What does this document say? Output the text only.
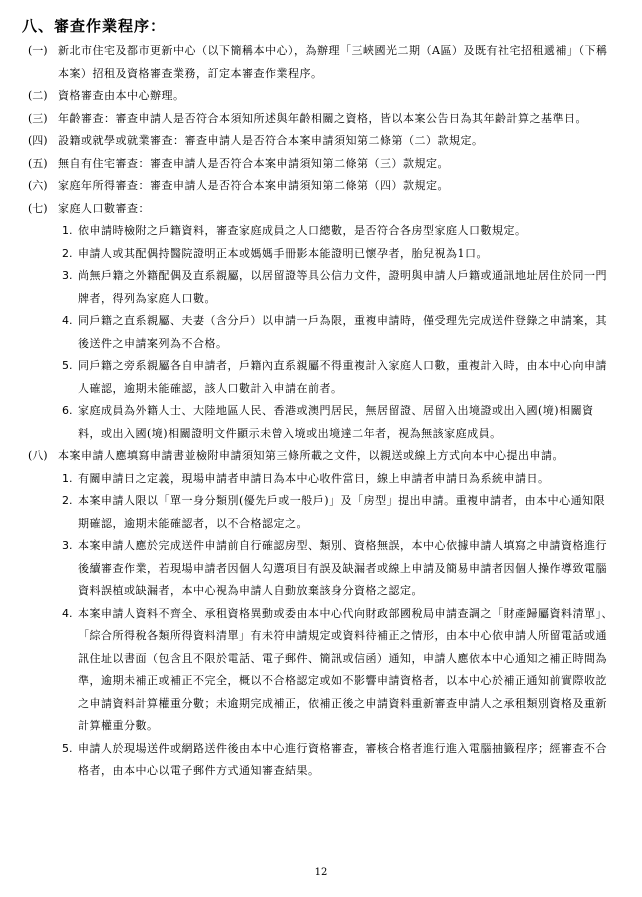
八、審查作業程序：
(一) 新北市住宅及都市更新中心（以下簡稱本中心），為辦理「三峽國光二期（A區）及既有社宅招租遞補」（下稱本案）招租及資格審查業務，訂定本審查作業程序。
(二) 資格審查由本中心辦理。
(三) 年齡審查：審查申請人是否符合本須知所述與年齡相關之資格，皆以本案公告日為其年齡計算之基準日。
(四) 設籍或就學或就業審查：審查申請人是否符合本案申請須知第二條第（二）款規定。
(五) 無自有住宅審查：審查申請人是否符合本案申請須知第二條第（三）款規定。
(六) 家庭年所得審查：審查申請人是否符合本案申請須知第二條第（四）款規定。
(七) 家庭人口數審查：
1. 依申請時檢附之戶籍資料，審查家庭成員之人口總數，是否符合各房型家庭人口數規定。
2. 申請人或其配偶持醫院證明正本或媽媽手冊影本能證明已懷孕者，胎兒視為1口。
3. 尚無戶籍之外籍配偶及直系親屬，以居留證等具公信力文件，證明與申請人戶籍或通訊地址居住於同一門牌者，得列為家庭人口數。
4. 同戶籍之直系親屬、夫妻（含分戶）以申請一戶為限，重複申請時，僅受理先完成送件登錄之申請案，其後送件之申請案列為不合格。
5. 同戶籍之旁系親屬各自申請者，戶籍內直系親屬不得重複計入家庭人口數，重複計入時，由本中心向申請人確認，逾期未能確認，該人口數計入申請在前者。
6. 家庭成員為外籍人士、大陸地區人民、香港或澳門居民，無居留證、居留入出境證或出入國(境)相關資料，或出入國(境)相關證明文件顯示未曾入境或出境達二年者，視為無該家庭成員。
(八) 本案申請人應填寫申請書並檢附申請須知第三條所載之文件，以親送或線上方式向本中心提出申請。
1. 有關申請日之定義，現場申請者申請日為本中心收件當日，線上申請者申請日為系統申請日。
2. 本案申請人限以「單一身分類別(優先戶或一般戶)」及「房型」提出申請。重複申請者，由本中心通知限期確認，逾期未能確認者，以不合格認定之。
3. 本案申請人應於完成送件申請前自行確認房型、類別、資格無誤，本中心依據申請人填寫之申請資格進行後續審查作業，若現場申請者因個人勾選項目有誤及缺漏者或線上申請及簡易申請者因個人操作導致電腦資料誤植或缺漏者，本中心視為申請人自動放棄該身分資格之認定。
4. 本案申請人資料不齊全、承租資格異動或委由本中心代向財政部國稅局申請查調之「財產歸屬資料清單」、「綜合所得稅各類所得資料清單」有未符申請規定或資料待補正之情形，由本中心依申請人所留電話或通訊住址以書面（包含且不限於電話、電子郵件、簡訊或信函）通知，申請人應依本中心通知之補正時間為準，逾期未補正或補正不完全，概以不合格認定或如不影響申請資格者，以本中心於補正通知前實際收訖之申請資料計算權重分數；未逾期完成補正，依補正後之申請資料重新審查申請人之承租類別資格及重新計算權重分數。
5. 申請人於現場送件或網路送件後由本中心進行資格審查，審核合格者進行進入電腦抽籤程序；經審查不合格者，由本中心以電子郵件方式通知審查結果。
12
